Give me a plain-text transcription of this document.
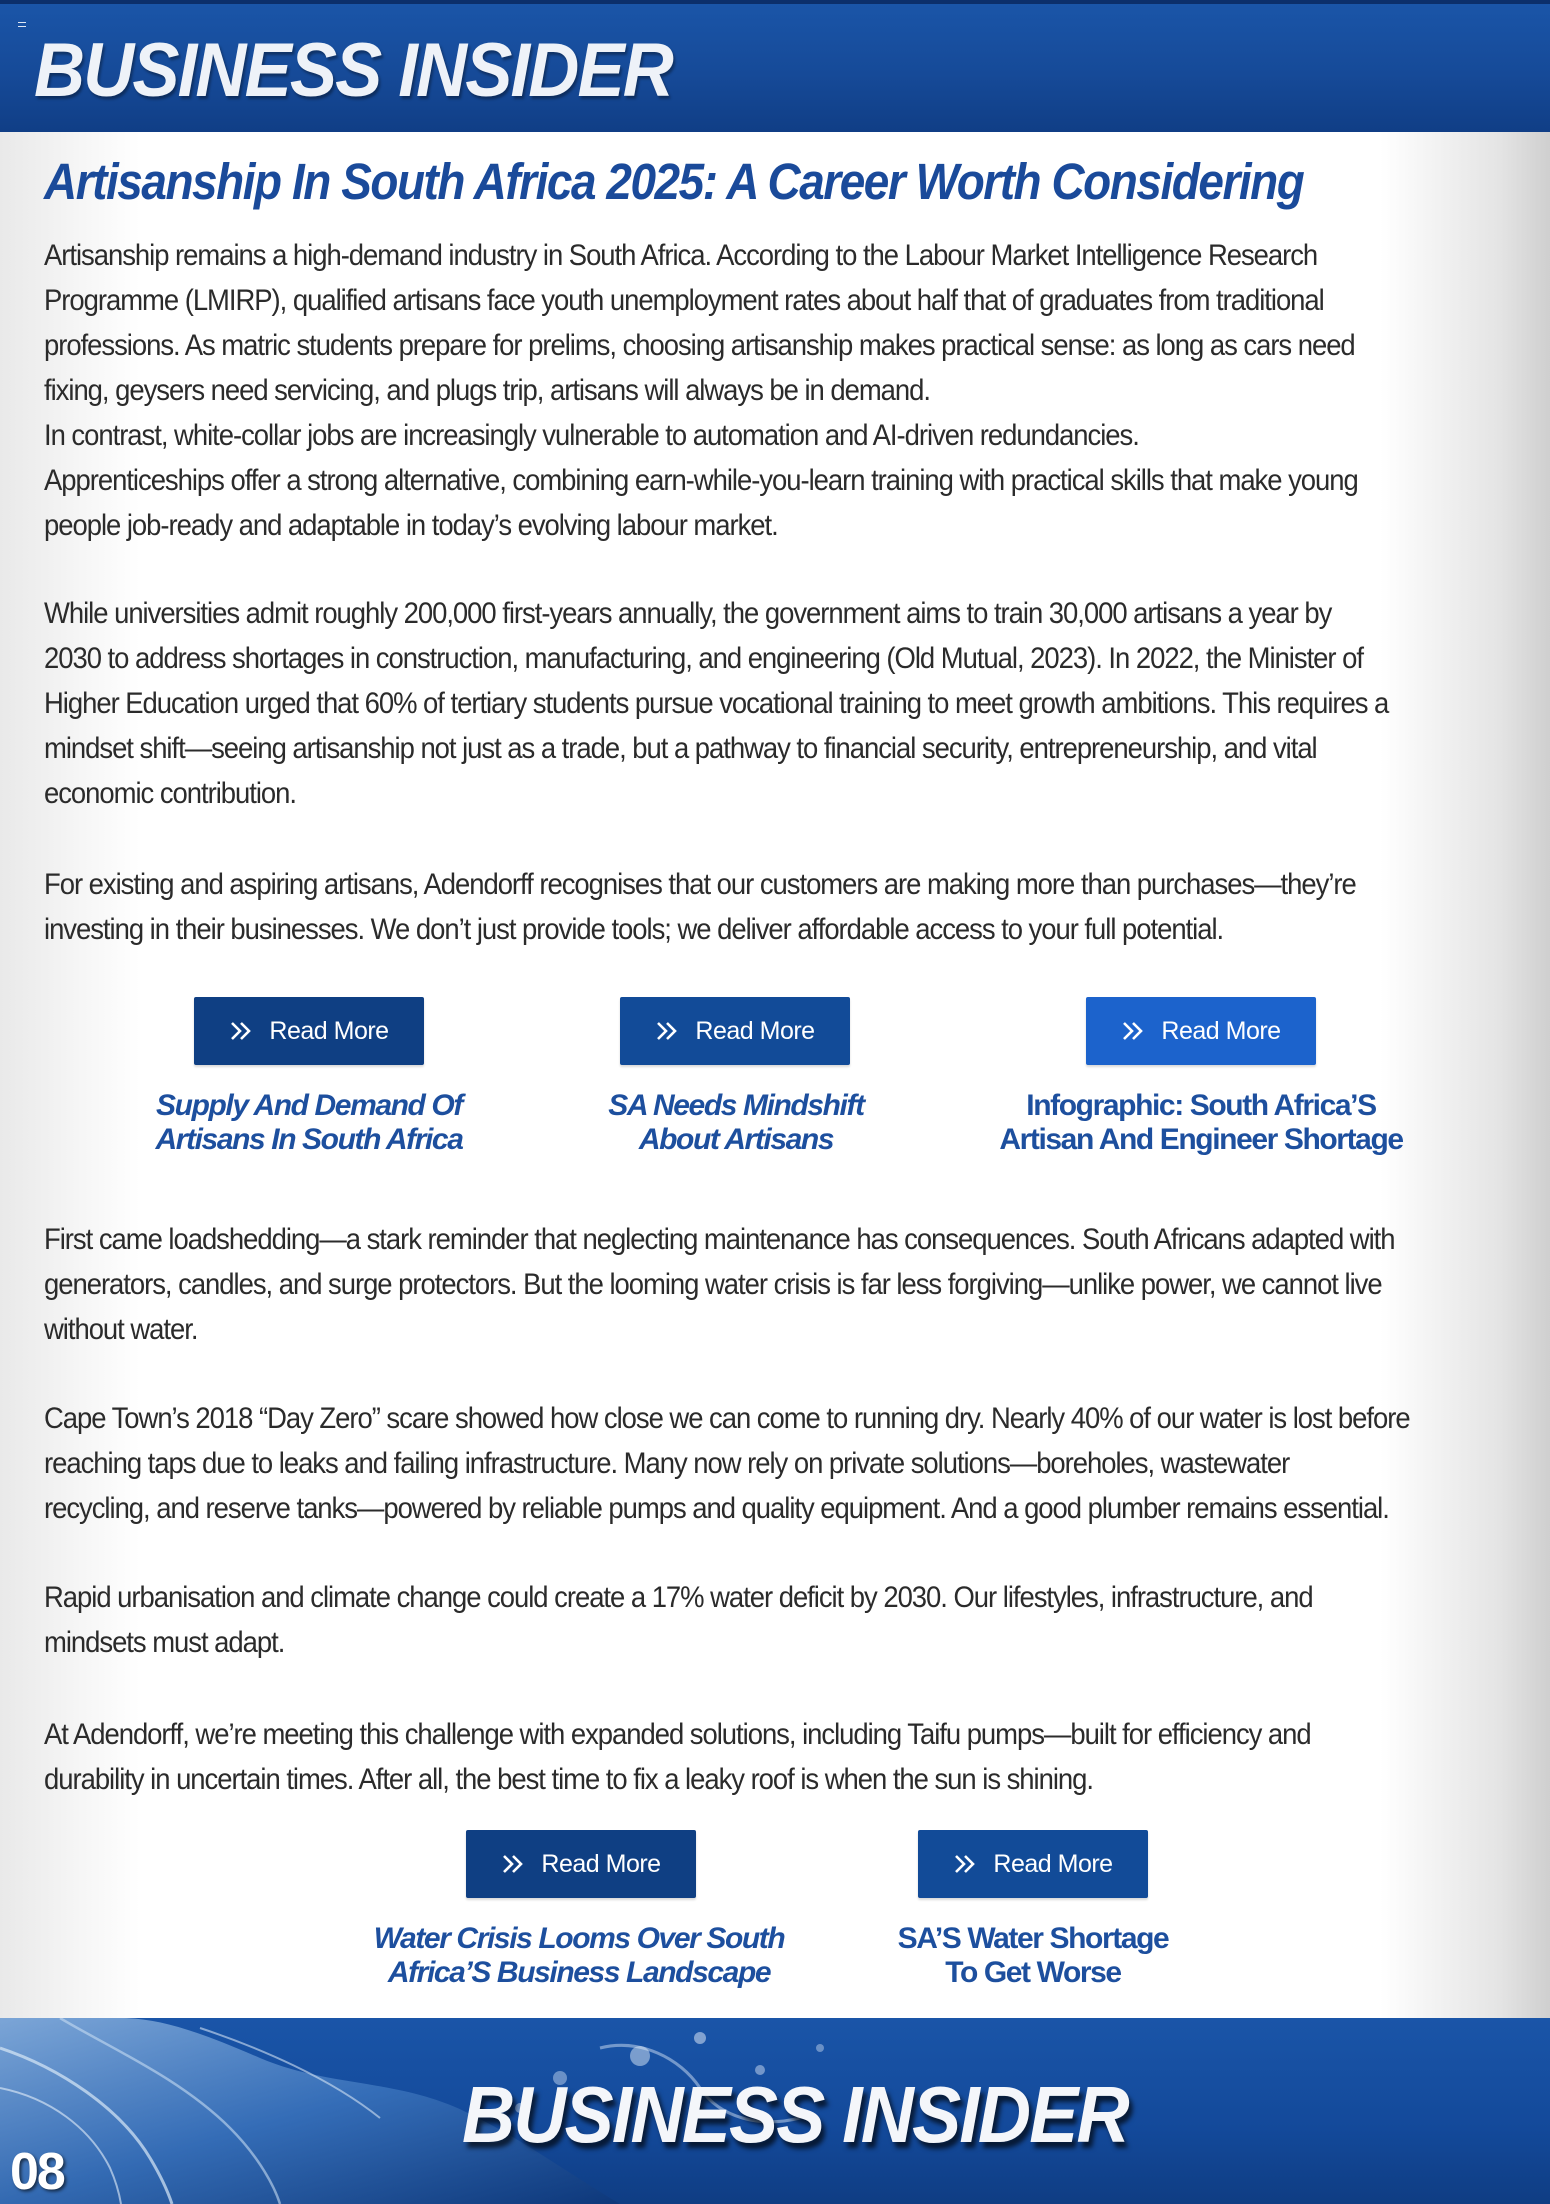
BUSINESS INSIDER
Artisanship In South Africa 2025: A Career Worth Considering
Artisanship remains a high-demand industry in South Africa. According to the Labour Market Intelligence Research
Programme (LMIRP), qualified artisans face youth unemployment rates about half that of graduates from traditional
professions. As matric students prepare for prelims, choosing artisanship makes practical sense: as long as cars need
fixing, geysers need servicing, and plugs trip, artisans will always be in demand.
In contrast, white-collar jobs are increasingly vulnerable to automation and AI-driven redundancies.
Apprenticeships offer a strong alternative, combining earn-while-you-learn training with practical skills that make young
people job-ready and adaptable in today’s evolving labour market.
While universities admit roughly 200,000 first-years annually, the government aims to train 30,000 artisans a year by
2030 to address shortages in construction, manufacturing, and engineering (Old Mutual, 2023). In 2022, the Minister of
Higher Education urged that 60% of tertiary students pursue vocational training to meet growth ambitions. This requires a
mindset shift—seeing artisanship not just as a trade, but a pathway to financial security, entrepreneurship, and vital
economic contribution.
For existing and aspiring artisans, Adendorff recognises that our customers are making more than purchases—they’re
investing in their businesses. We don’t just provide tools; we deliver affordable access to your full potential.
Read More	Read More	Read More
Supply And Demand Of
Artisans In South Africa
SA Needs Mindshift
About Artisans
Infographic: South Africa’S
Artisan And Engineer Shortage
First came loadshedding—a stark reminder that neglecting maintenance has consequences. South Africans adapted with
generators, candles, and surge protectors. But the looming water crisis is far less forgiving—unlike power, we cannot live
without water.
Cape Town’s 2018 “Day Zero” scare showed how close we can come to running dry. Nearly 40% of our water is lost before
reaching taps due to leaks and failing infrastructure. Many now rely on private solutions—boreholes, wastewater
recycling, and reserve tanks—powered by reliable pumps and quality equipment. And a good plumber remains essential.
Rapid urbanisation and climate change could create a 17% water deficit by 2030. Our lifestyles, infrastructure, and
mindsets must adapt.
At Adendorff, we’re meeting this challenge with expanded solutions, including Taifu pumps—built for efficiency and
durability in uncertain times. After all, the best time to fix a leaky roof is when the sun is shining.
Read More	Read More
Water Crisis Looms Over South
Africa’S Business Landscape
SA’S Water Shortage
To Get Worse
BUSINESS INSIDER
08
